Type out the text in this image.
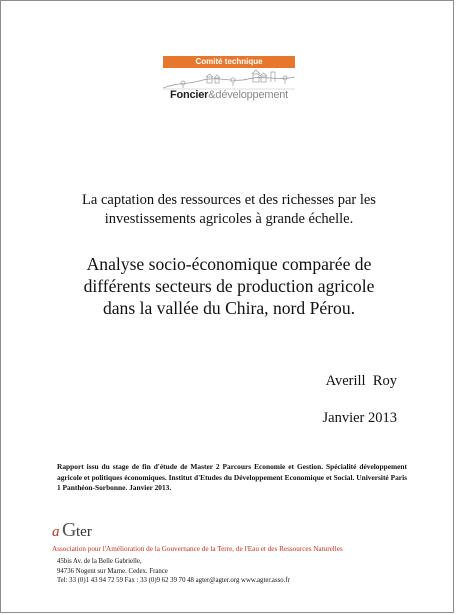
Comité technique
Foncier&développement
La captation des ressources et des richesses par les
investissements agricoles à grande échelle.
Analyse socio-économique comparée de
différents secteurs de production agricole
dans la vallée du Chira, nord Pérou.
Averill  Roy
Janvier 2013
Rapport issu du stage de fin d'étude de Master 2 Parcours Economie et Gestion. Spécialité développement agricole et politiques économiques. Institut d'Etudes du Développement Economique et Social. Université Paris 1 Panthéon-Sorbonne. Janvier 2013.
a G ter
Association pour l'Amélioration de la Gouvernance de la Terre, de l'Eau et des Ressources Naturelles
45bis Av. de la Belle Gabrielle,
94736 Nogent sur Marne. Cedex. France
Tel: 33 (0)1 43 94 72 59 Fax : 33 (0)9 62 39 70 48 agter@agter.org www.agter.asso.fr
